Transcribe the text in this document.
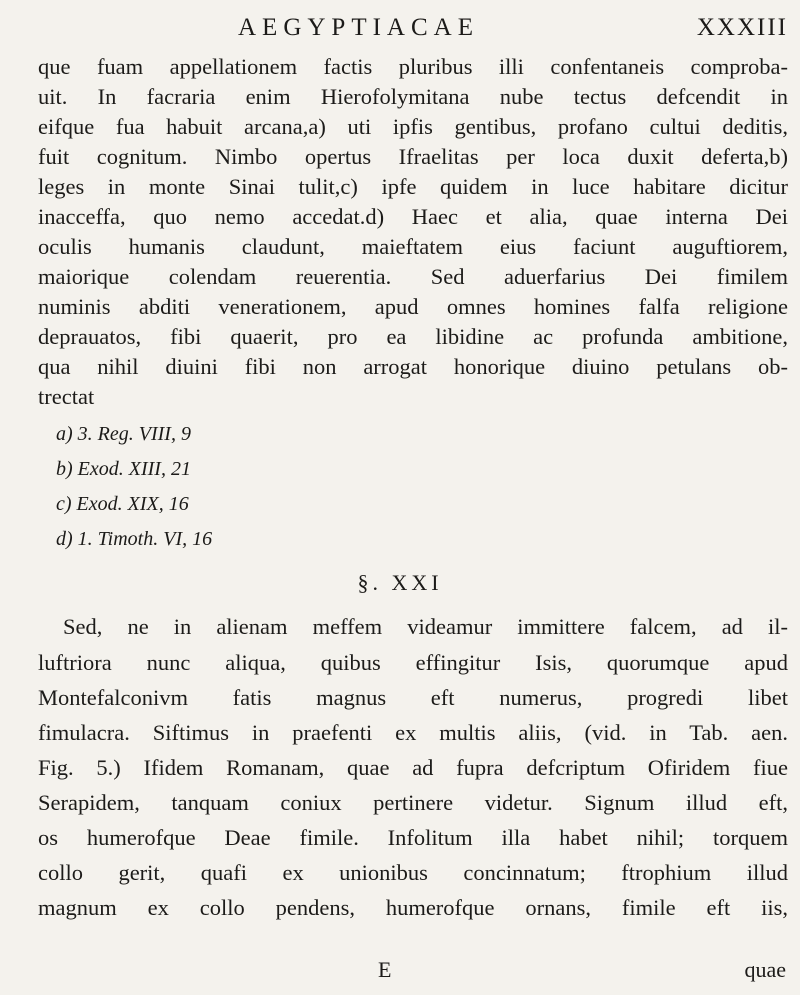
AEGYPTIACAE	XXXIII
que fuam appellationem factis pluribus illi confentaneis comproba-
uit. In facraria enim Hierofolymitana nube tectus defcendit in
eifque fua habuit arcana,a) uti ipfis gentibus, profano cultui deditis,
fuit cognitum. Nimbo opertus Ifraelitas per loca duxit deferta,b)
leges in monte Sinai tulit,c) ipfe quidem in luce habitare dicitur
inacceffa, quo nemo accedat.d) Haec et alia, quae interna Dei
oculis humanis claudunt, maieftatem eius faciunt auguftiorem,
maiorique colendam reuerentia. Sed aduerfarius Dei fimilem
numinis abditi venerationem, apud omnes homines falfa religione
deprauatos, fibi quaerit, pro ea libidine ac profunda ambitione,
qua nihil diuini fibi non arrogat honorique diuino petulans ob-
trectat
a) 3. Reg. VIII, 9
b) Exod. XIII, 21
c) Exod. XIX, 16
d) 1. Timoth. VI, 16
§. XXI
Sed, ne in alienam meffem videamur immittere falcem, ad il-
luftriora nunc aliqua, quibus effingitur Isis, quorumque apud
Montefalconivm fatis magnus eft numerus, progredi libet
fimulacra. Siftimus in praefenti ex multis aliis, (vid. in Tab. aen.
Fig. 5.) Ifidem Romanam, quae ad fupra defcriptum Ofiridem fiue
Serapidem, tanquam coniux pertinere videtur. Signum illud eft,
os humerofque Deae fimile. Infolitum illa habet nihil; torquem
collo gerit, quafi ex unionibus concinnatum; ftrophium illud
magnum ex collo pendens, humerofque ornans, fimile eft iis,
E	quae
